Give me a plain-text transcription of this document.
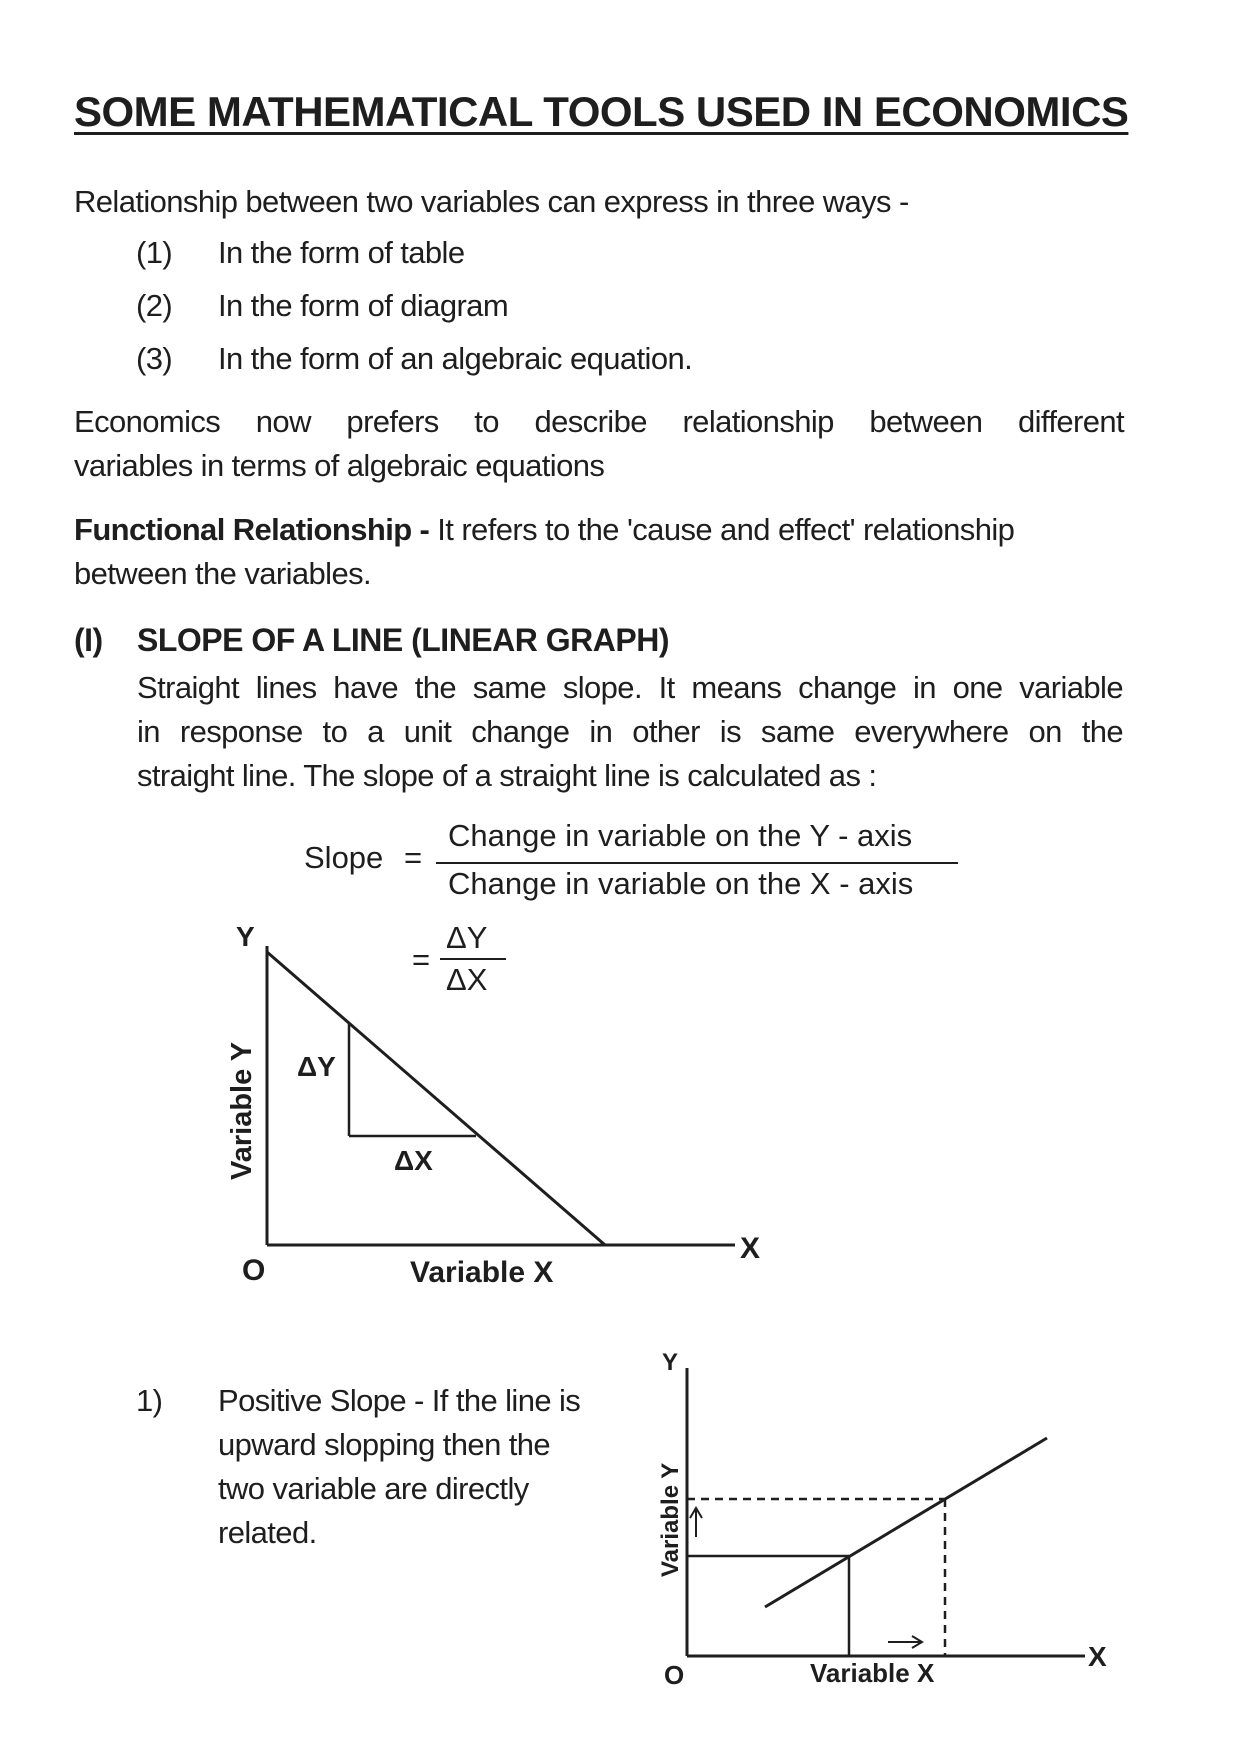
SOME MATHEMATICAL TOOLS USED IN ECONOMICS
Relationship between two variables can express in three ways -
(1) In the form of table
(2) In the form of diagram
(3) In the form of an algebraic equation.
Economics now prefers to describe relationship between different
variables in terms of algebraic equations
Functional Relationship - It refers to the 'cause and effect' relationship
between the variables.
(I) SLOPE OF A LINE (LINEAR GRAPH)
Straight lines have the same slope. It means change in one variable
in response to a unit change in other is same everywhere on the
straight line. The slope of a straight line is calculated as :
Slope =
Change in variable on the Y - axis
Change in variable on the X - axis
=
ΔY
ΔX
Y
X
O	Variable X
Variable Y ΔY
ΔX
1) Positive Slope - If the line is
upward slopping then the
two variable are directly
related.
Y
X
O	Variable X
Variable Y
